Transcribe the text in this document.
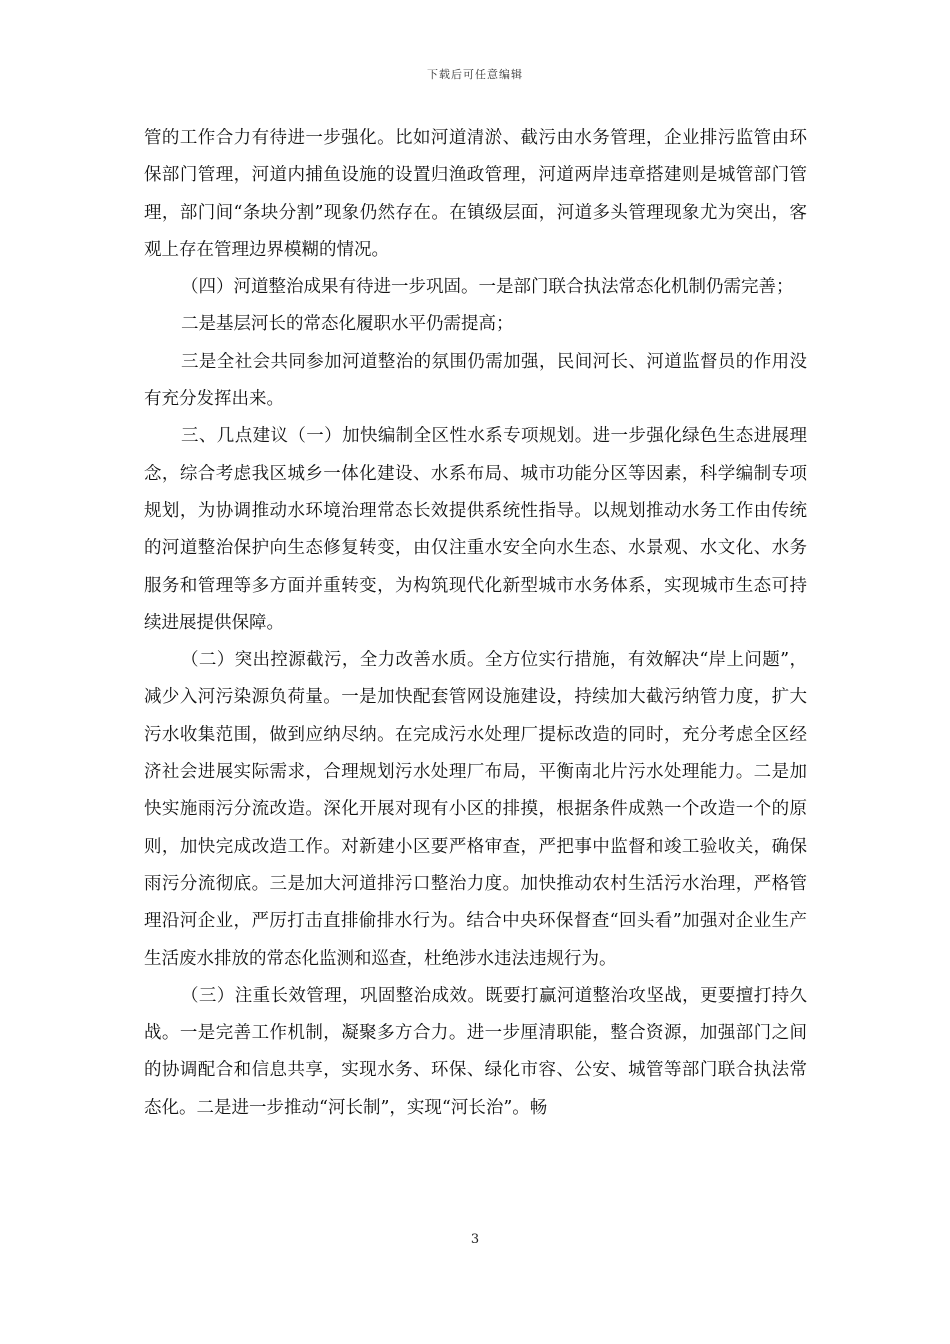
下载后可任意编辑

管的工作合力有待进一步强化。比如河道清淤、截污由水务管理，企业排污监管由环保部门管理，河道内捕鱼设施的设置归渔政管理，河道两岸违章搭建则是城管部门管理，部门间“条块分割”现象仍然存在。在镇级层面，河道多头管理现象尤为突出，客观上存在管理边界模糊的情况。

（四）河道整治成果有待进一步巩固。一是部门联合执法常态化机制仍需完善；

二是基层河长的常态化履职水平仍需提高；

三是全社会共同参加河道整治的氛围仍需加强，民间河长、河道监督员的作用没有充分发挥出来。

三、几点建议（一）加快编制全区性水系专项规划。进一步强化绿色生态进展理念，综合考虑我区城乡一体化建设、水系布局、城市功能分区等因素，科学编制专项规划，为协调推动水环境治理常态长效提供系统性指导。以规划推动水务工作由传统的河道整治保护向生态修复转变，由仅注重水安全向水生态、水景观、水文化、水务服务和管理等多方面并重转变，为构筑现代化新型城市水务体系，实现城市生态可持续进展提供保障。

（二）突出控源截污，全力改善水质。全方位实行措施，有效解决“岸上问题”，减少入河污染源负荷量。一是加快配套管网设施建设，持续加大截污纳管力度，扩大污水收集范围，做到应纳尽纳。在完成污水处理厂提标改造的同时，充分考虑全区经济社会进展实际需求，合理规划污水处理厂布局，平衡南北片污水处理能力。二是加快实施雨污分流改造。深化开展对现有小区的排摸，根据条件成熟一个改造一个的原则，加快完成改造工作。对新建小区要严格审查，严把事中监督和竣工验收关，确保雨污分流彻底。三是加大河道排污口整治力度。加快推动农村生活污水治理，严格管理沿河企业，严厉打击直排偷排水行为。结合中央环保督查“回头看”加强对企业生产生活废水排放的常态化监测和巡查，杜绝涉水违法违规行为。

（三）注重长效管理，巩固整治成效。既要打赢河道整治攻坚战，更要擅打持久战。一是完善工作机制，凝聚多方合力。进一步厘清职能，整合资源，加强部门之间的协调配合和信息共享，实现水务、环保、绿化市容、公安、城管等部门联合执法常态化。二是进一步推动“河长制”，实现“河长治”。畅

3
